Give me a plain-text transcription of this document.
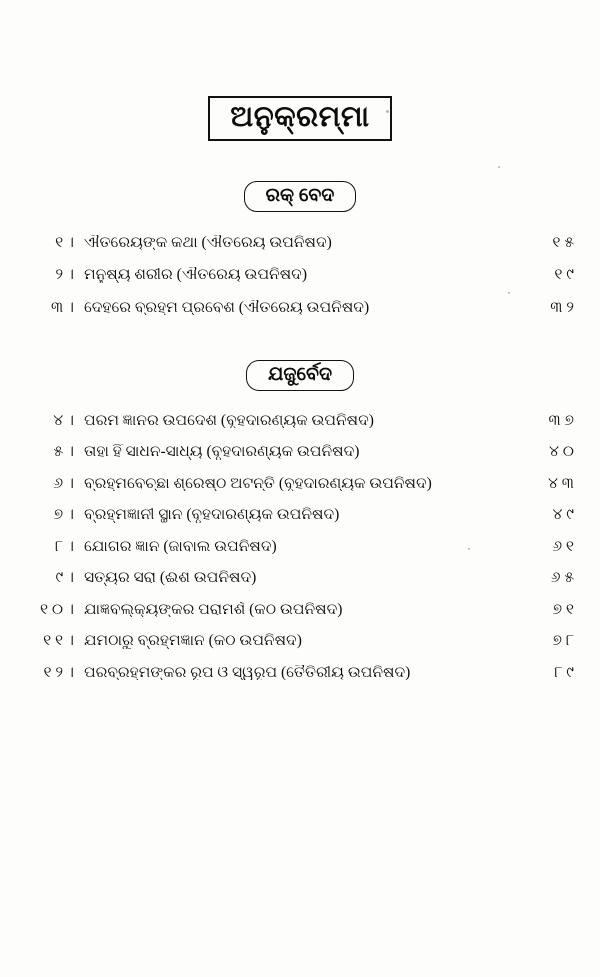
ଅନୁକ୍ରମ୍ମା
ରକ୍ ବେଦ
୧ । ଐତରେୟଙ୍କ କଥା (ଐତରେୟ ଉପନିଷଦ)	୧ ୫
୨ । ମନୁଷ୍ୟ ଶରୀର (ଐତରେୟ ଉପନିଷଦ)	୧ ୯
୩ । ଦେହରେ ବ୍ରହ୍ମ ପ୍ରବେଶ (ଐତରେୟ ଉପନିଷଦ)	୩ ୨
ଯଜୁର୍ବେଦ
୪ । ପରମ ଜ୍ଞାନର ଉପଦେଶ (ବୃହଦାରଣ୍ୟକ ଉପନିଷଦ)	୩ ୭
୫ । ତାହା ହିଁ ସାଧନ-ସାଧ୍ୟ (ବୃହଦାରଣ୍ୟକ ଉପନିଷଦ)	୪ ୦
୬ । ବ୍ରହ୍ମବେଚ୍ଛା ଶ୍ରେଷ୍ଠ ଅଟନ୍ତି (ବୃହଦାରଣ୍ୟକ ଉପନିଷଦ)	୪ ୩
୭ । ବ୍ରହ୍ମଜ୍ଞାନୀ ସ୍ଥାନ (ବୃହଦାରଣ୍ୟକ ଉପନିଷଦ)	୪ ୯
୮ । ଯୋଗର ଜ୍ଞାନ (ଜାବାଲ ଉପନିଷଦ)	୬ ୧
୯ । ସତ୍ୟର ସରା (ଈଶ ଉପନିଷଦ)	୬ ୫
୧ ୦ । ଯାଜ୍ଞବଲ୍କ୍ୟଙ୍କର ପରାମର୍ଶ (କଠ ଉପନିଷଦ)	୭ ୧
୧ ୧ । ଯମଠାରୁ ବ୍ରହ୍ମଜ୍ଞାନ (କଠ ଉପନିଷଦ)	୭ ୮
୧ ୨ । ପରବ୍ରହ୍ମଙ୍କର ରୂପ ଓ ସ୍ୱରୂପ (ତୈତିରୀୟ ଉପନିଷଦ)	୮ ୯
